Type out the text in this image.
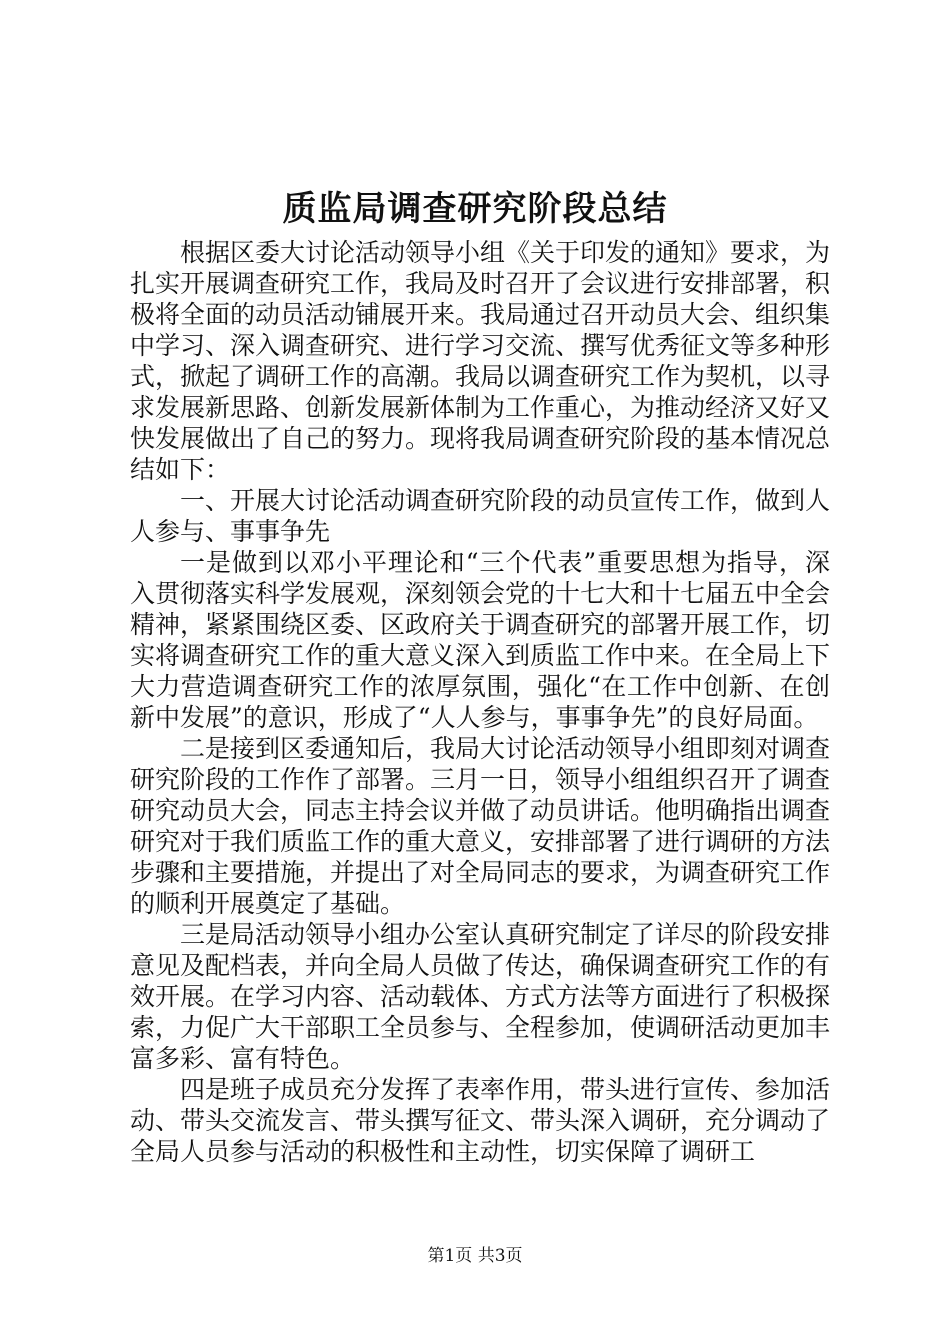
质监局调查研究阶段总结

根据区委大讨论活动领导小组《关于印发的通知》要求，为扎实开展调查研究工作，我局及时召开了会议进行安排部署，积极将全面的动员活动铺展开来。我局通过召开动员大会、组织集中学习、深入调查研究、进行学习交流、撰写优秀征文等多种形式，掀起了调研工作的高潮。我局以调查研究工作为契机，以寻求发展新思路、创新发展新体制为工作重心，为推动经济又好又快发展做出了自己的努力。现将我局调查研究阶段的基本情况总结如下：

一、开展大讨论活动调查研究阶段的动员宣传工作，做到人人参与、事事争先

一是做到以邓小平理论和“三个代表”重要思想为指导，深入贯彻落实科学发展观，深刻领会党的十七大和十七届五中全会精神，紧紧围绕区委、区政府关于调查研究的部署开展工作，切实将调查研究工作的重大意义深入到质监工作中来。在全局上下大力营造调查研究工作的浓厚氛围，强化“在工作中创新、在创新中发展”的意识，形成了“人人参与，事事争先”的良好局面。

二是接到区委通知后，我局大讨论活动领导小组即刻对调查研究阶段的工作作了部署。三月一日，领导小组组织召开了调查研究动员大会，同志主持会议并做了动员讲话。他明确指出调查研究对于我们质监工作的重大意义，安排部署了进行调研的方法步骤和主要措施，并提出了对全局同志的要求，为调查研究工作的顺利开展奠定了基础。

三是局活动领导小组办公室认真研究制定了详尽的阶段安排意见及配档表，并向全局人员做了传达，确保调查研究工作的有效开展。在学习内容、活动载体、方式方法等方面进行了积极探索，力促广大干部职工全员参与、全程参加，使调研活动更加丰富多彩、富有特色。

四是班子成员充分发挥了表率作用，带头进行宣传、参加活动、带头交流发言、带头撰写征文、带头深入调研，充分调动了全局人员参与活动的积极性和主动性，切实保障了调研工

第1页 共3页
